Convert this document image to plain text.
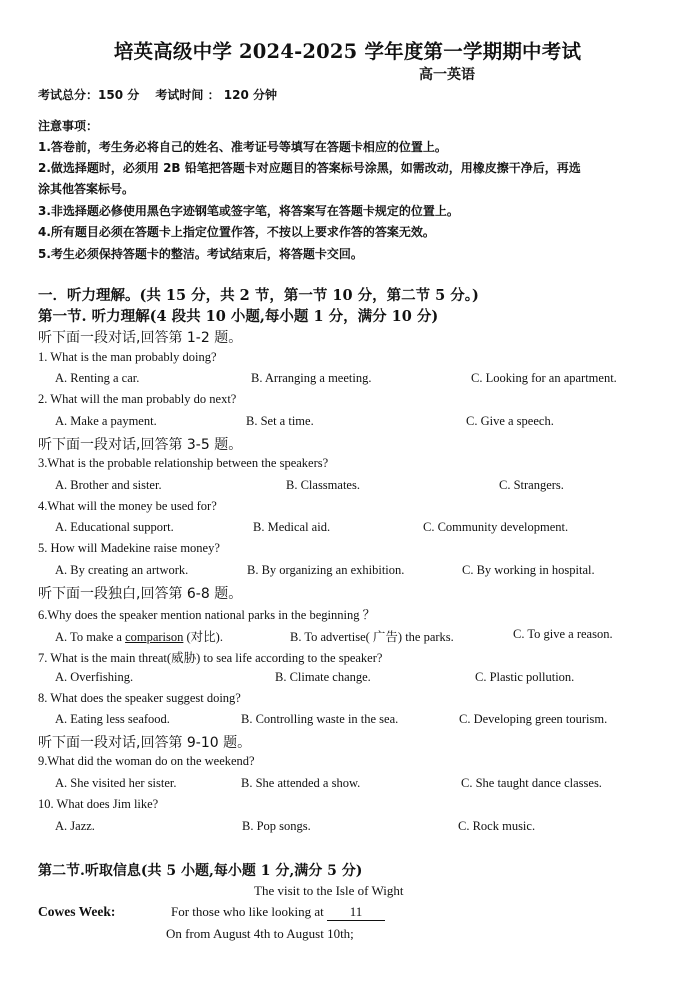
培英高级中学 2024-2025 学年度第一学期期中考试
高一英语
考试总分：150 分　 考试时间 ： 120 分钟
注意事项：
1.答卷前，考生务必将自己的姓名、准考证号等填写在答题卡相应的位置上。
2.做选择题时，必须用 2B 铅笔把答题卡对应题目的答案标号涂黑，如需改动，用橡皮擦干净后，再选
涂其他答案标号。
3.非选择题必修使用黑色字迹钢笔或签字笔，将答案写在答题卡规定的位置上。
4.所有题目必须在答题卡上指定位置作答，不按以上要求作答的答案无效。
5.考生必须保持答题卡的整洁。考试结束后，将答题卡交回。
一．听力理解。(共 15 分，共 2 节，第一节 10 分，第二节 5 分。)
第一节. 听力理解(4 段共 10 小题,每小题 1 分，满分 10 分)
听下面一段对话,回答第 1-2 题。
1. What is the man probably doing?
A. Renting a car.	B. Arranging a meeting.	C. Looking for an apartment.
2. What will the man probably do next?
A. Make a payment.	B. Set a time.	C. Give a speech.
听下面一段对话,回答第 3-5 题。
3.What is the probable relationship between the speakers?
A. Brother and sister.	B. Classmates.	C. Strangers.
4.What will the money be used for?
A. Educational support.	B. Medical aid.	C. Community development.
5. How will Madekine raise money?
A. By creating an artwork.	B. By organizing an exhibition.	C. By working in hospital.
听下面一段独白,回答第 6-8 题。
6.Why does the speaker mention national parks in the beginning ？
A. To make a comparison (对比).	B. To advertise( 广告) the parks.	C. To give a reason.
7. What is the main threat(威胁) to sea life according to the speaker?
A. Overfishing.	B. Climate change.	C. Plastic pollution.
8. What does the speaker suggest doing?
A. Eating less seafood.	B. Controlling waste in the sea.	C. Developing green tourism.
听下面一段对话,回答第 9-10 题。
9.What did the woman do on the weekend?
A. She visited her sister.	B. She attended a show.	C. She taught dance classes.
10. What does Jim like?
A. Jazz.	B. Pop songs.	C. Rock music.
第二节.听取信息(共 5 小题,每小题 1 分,满分 5 分)
The visit to the Isle of Wight
Cowes Week:	For those who like looking at 11
On from August 4th to August 10th;
